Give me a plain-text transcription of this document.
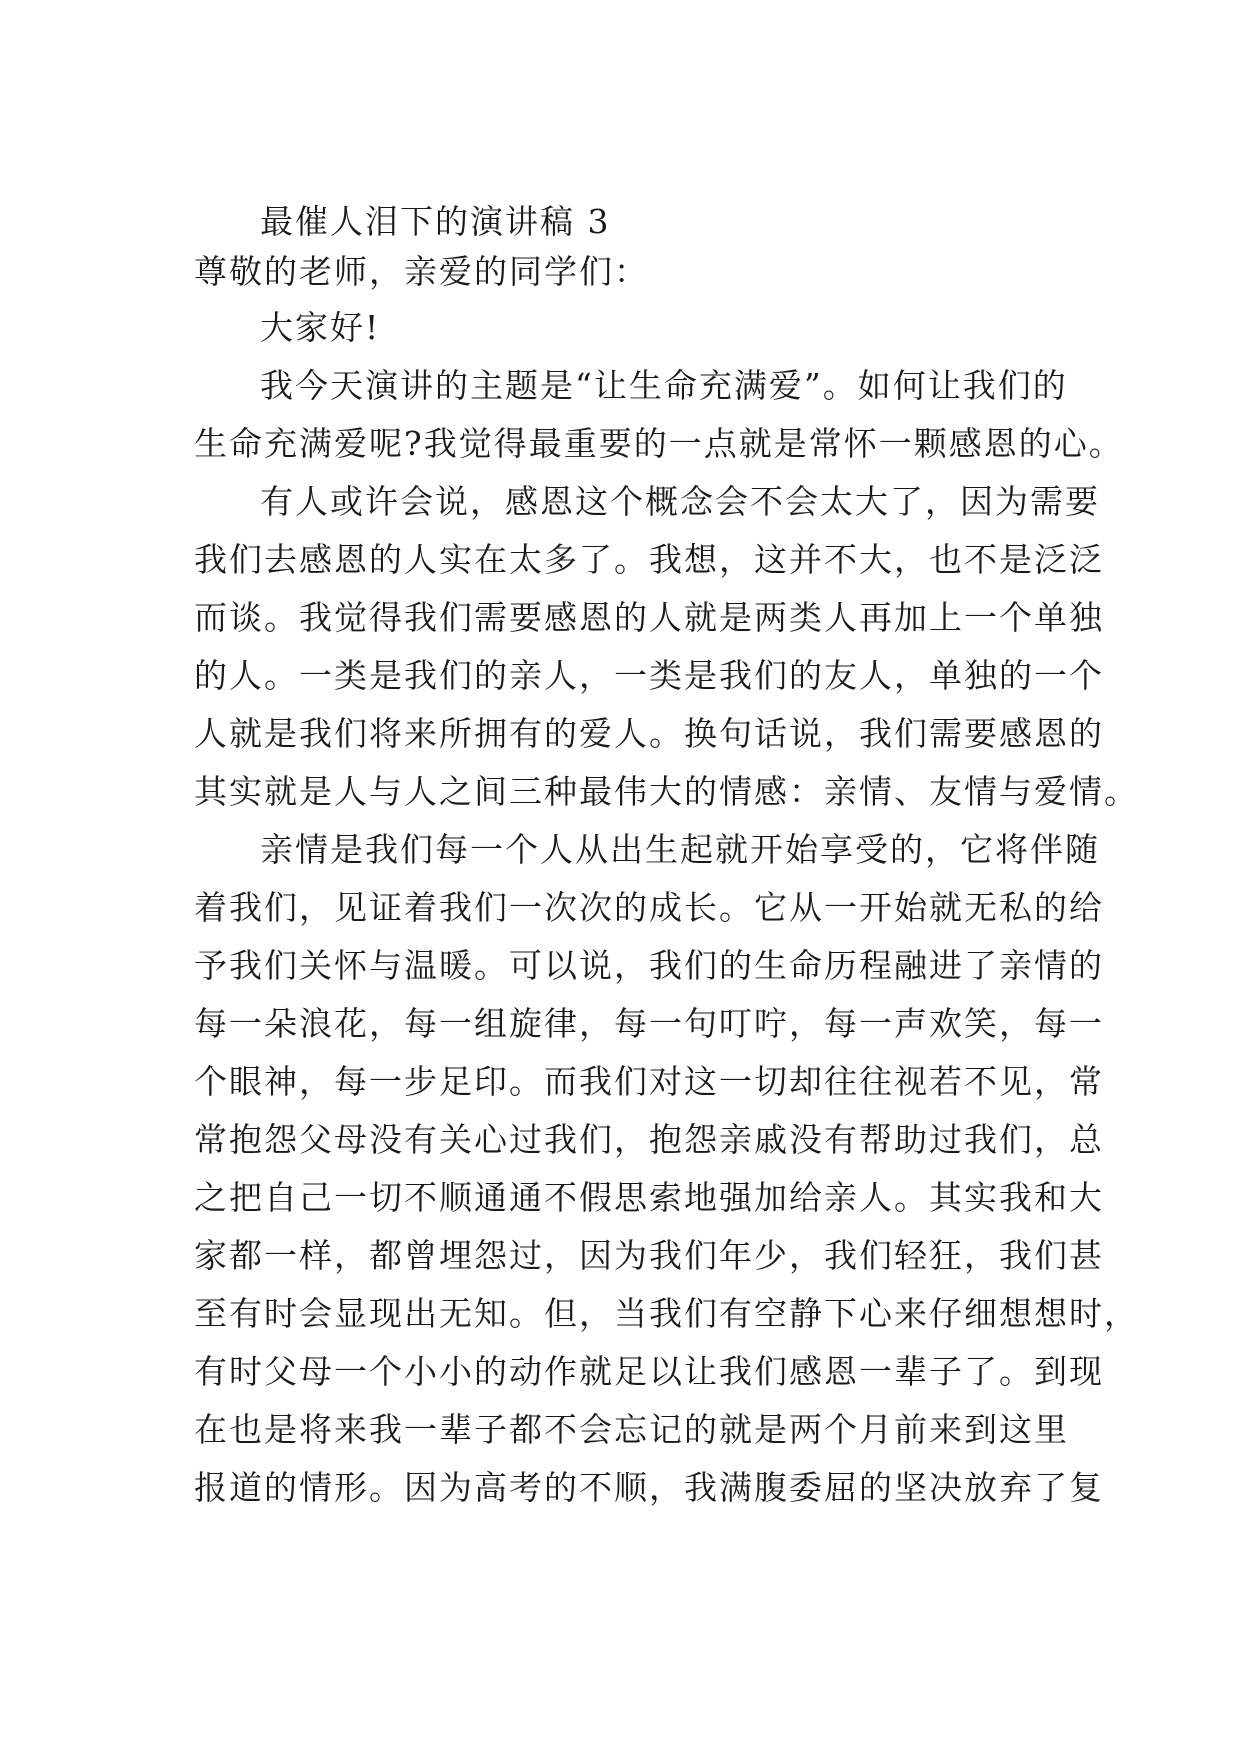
最催人泪下的演讲稿 3
尊敬的老师，亲爱的同学们：
大家好!
我今天演讲的主题是“让生命充满爱”。如何让我们的
生命充满爱呢?我觉得最重要的一点就是常怀一颗感恩的心。
有人或许会说，感恩这个概念会不会太大了，因为需要
我们去感恩的人实在太多了。我想，这并不大，也不是泛泛
而谈。我觉得我们需要感恩的人就是两类人再加上一个单独
的人。一类是我们的亲人，一类是我们的友人，单独的一个
人就是我们将来所拥有的爱人。换句话说，我们需要感恩的
其实就是人与人之间三种最伟大的情感：亲情、友情与爱情。
亲情是我们每一个人从出生起就开始享受的，它将伴随
着我们，见证着我们一次次的成长。它从一开始就无私的给
予我们关怀与温暖。可以说，我们的生命历程融进了亲情的
每一朵浪花，每一组旋律，每一句叮咛，每一声欢笑，每一
个眼神，每一步足印。而我们对这一切却往往视若不见，常
常抱怨父母没有关心过我们，抱怨亲戚没有帮助过我们，总
之把自己一切不顺通通不假思索地强加给亲人。其实我和大
家都一样，都曾埋怨过，因为我们年少，我们轻狂，我们甚
至有时会显现出无知。但，当我们有空静下心来仔细想想时，
有时父母一个小小的动作就足以让我们感恩一辈子了。到现
在也是将来我一辈子都不会忘记的就是两个月前来到这里
报道的情形。因为高考的不顺，我满腹委屈的坚决放弃了复
